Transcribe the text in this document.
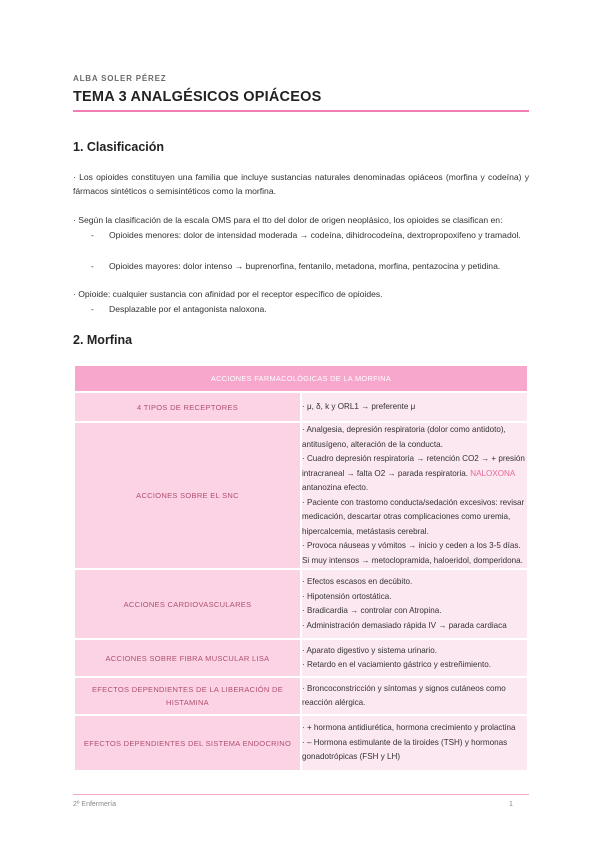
ALBA SOLER PÉREZ
TEMA 3 ANALGÉSICOS OPIÁCEOS
1. Clasificación
· Los opioides constituyen una familia que incluye sustancias naturales denominadas opiáceos (morfina y codeína) y fármacos sintéticos o semisintéticos como la morfina.
· Según la clasificación de la escala OMS para el tto del dolor de origen neoplásico, los opioides se clasifican en:
- Opioides menores: dolor de intensidad moderada → codeína, dihidrocodeína, dextropropoxifeno y tramadol.
- Opioides mayores: dolor intenso → buprenorfina, fentanilo, metadona, morfina, pentazocina y petidina.
· Opioide: cualquier sustancia con afinidad por el receptor específico de opioides.
- Desplazable por el antagonista naloxona.
2. Morfina
ACCIONES FARMACOLÓGICAS DE LA MORFINA	
4 TIPOS DE RECEPTORES	· μ, δ, k y ORL1 → preferente μ

ACCIONES SOBRE EL SNC	· Analgesia, depresión respiratoria (dolor como antidoto), antitusígeno, alteración de la conducta.
· Cuadro depresión respiratoria → retención CO2 → + presión intracraneal → falta O2 → parada respiratoria. NALOXONA antanozina efecto.
· Paciente con trastorno conducta/sedación excesivos: revisar medicación, descartar otras complicaciones como uremia, hipercalcemia, metástasis cerebral.
· Provoca náuseas y vómitos → inicio y ceden a los 3-5 días. Si muy intensos → metoclopramida, haloeridol, domperidona.

ACCIONES CARDIOVASCULARES	· Efectos escasos en decúbito.
· Hipotensión ortostática.
· Bradicardia → controlar con Atropina.
· Administración demasiado rápida IV → parada cardiaca

ACCIONES SOBRE FIBRA MUSCULAR LISA	· Aparato digestivo y sistema urinario.
· Retardo en el vaciamiento gástrico y estreñimiento.

EFECTOS DEPENDIENTES DE LA LIBERACIÓN DE HISTAMINA	· Broncoconstricción y síntomas y signos cutáneos como reacción alérgica.

EFECTOS DEPENDIENTES DEL SISTEMA ENDOCRINO	· + hormona antidiurética, hormona crecimiento y prolactina
· – Hormona estimulante de la tiroides (TSH) y hormonas gonadotrópicas (FSH y LH)
2º Enfermería	1
